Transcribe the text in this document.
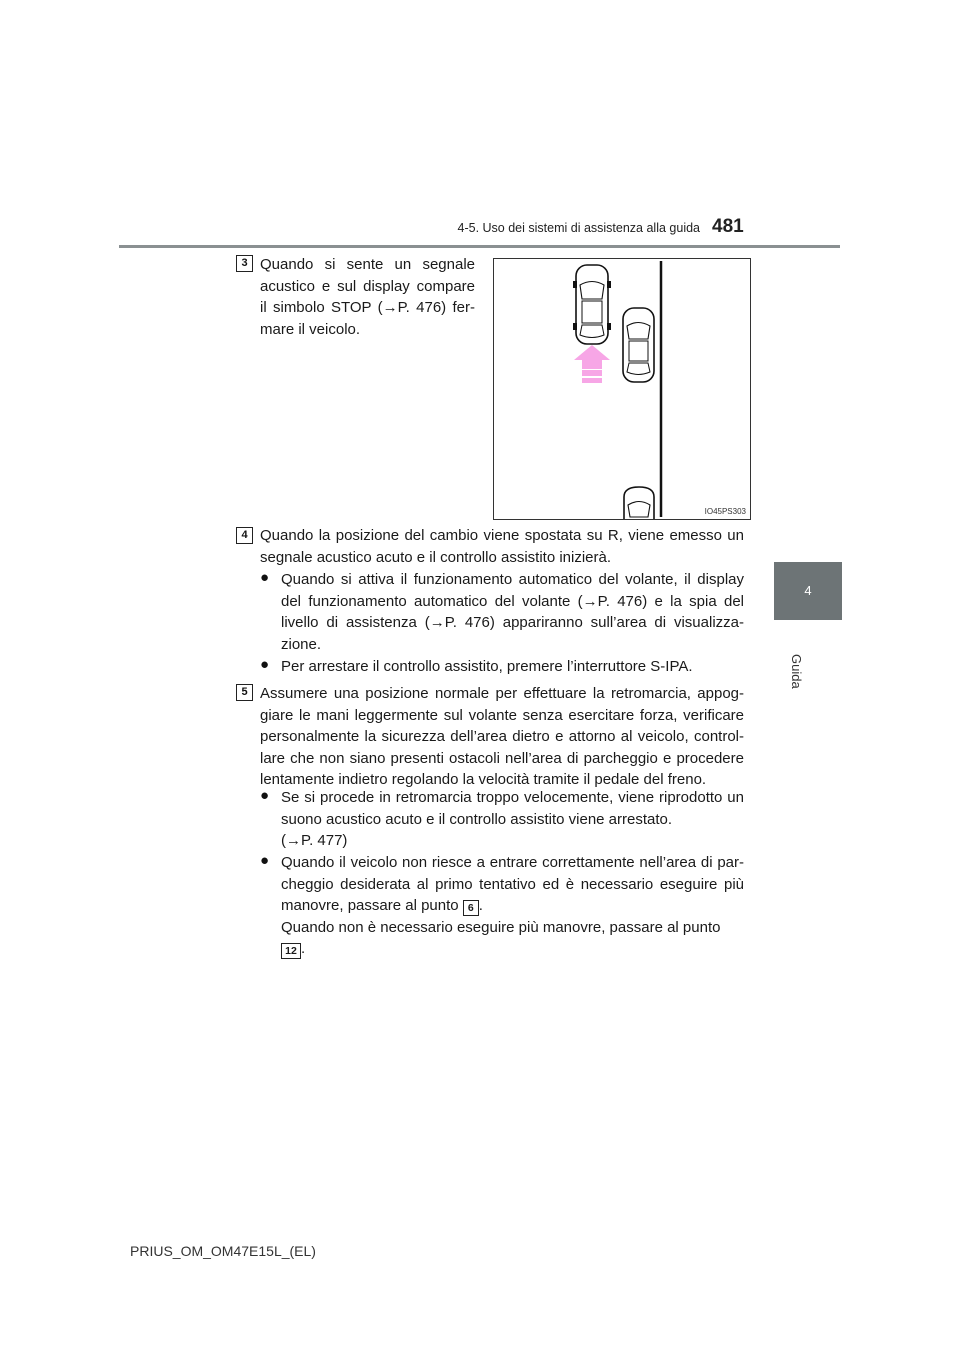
4-5. Uso dei sistemi di assistenza alla guida 481
4
Guida
3 Quando si sente un segnale acustico e sul display compare il simbolo STOP (→P. 476) fer-mare il veicolo.
IO45PS303
4 Quando la posizione del cambio viene spostata su R, viene emesso un segnale acustico acuto e il controllo assistito inizierà.
● Quando si attiva il funzionamento automatico del volante, il display del funzionamento automatico del volante (→P. 476) e la spia del livello di assistenza (→P. 476) appariranno sull’area di visualizza-zione.
● Per arrestare il controllo assistito, premere l’interruttore S-IPA.
5 Assumere una posizione normale per effettuare la retromarcia, appog-giare le mani leggermente sul volante senza esercitare forza, verificare personalmente la sicurezza dell’area dietro e attorno al veicolo, control-lare che non siano presenti ostacoli nell’area di parcheggio e procedere lentamente indietro regolando la velocità tramite il pedale del freno.
● Se si procede in retromarcia troppo velocemente, viene riprodotto un suono acustico acuto e il controllo assistito viene arrestato.

(→P. 477)

● Quando il veicolo non riesce a entrare correttamente nell’area di par-cheggio desiderata al primo tentativo ed è necessario eseguire più manovre, passare al punto 6 .

Quando non è necessario eseguire più manovre, passare al punto

12 .

PRIUS_OM_OM47E15L_(EL)
